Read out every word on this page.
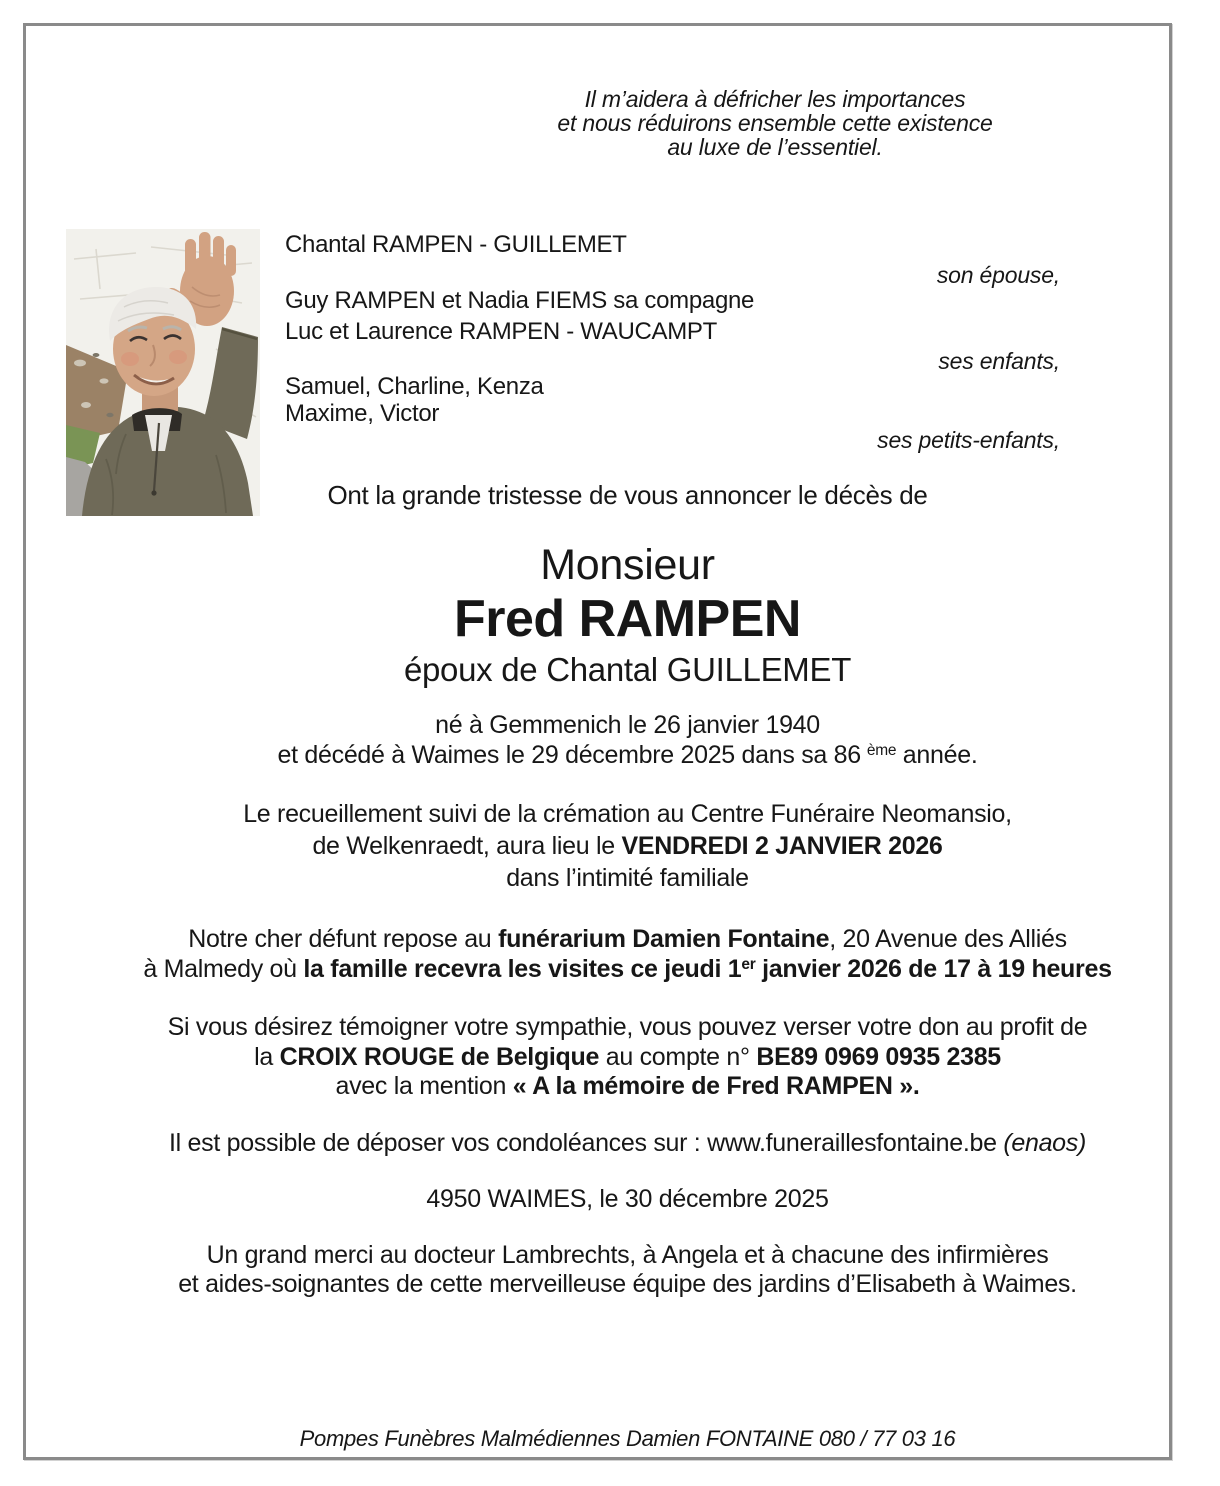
Il m’aidera à défricher les importances
et nous réduirons ensemble cette existence
au luxe de l’essentiel.
Chantal RAMPEN - GUILLEMET
son épouse,
Guy RAMPEN et Nadia FIEMS sa compagne
Luc et Laurence RAMPEN - WAUCAMPT
ses enfants,
Samuel, Charline, Kenza
Maxime, Victor
ses petits-enfants,
Ont la grande tristesse de vous annoncer le décès de
Monsieur
Fred RAMPEN
époux de Chantal GUILLEMET
né à Gemmenich le 26 janvier 1940
et décédé à Waimes le 29 décembre 2025 dans sa 86 $^{ème}$ année.
Le recueillement suivi de la crémation au Centre Funéraire Neomansio,
de Welkenraedt, aura lieu le VENDREDI 2 JANVIER 2026
dans l’intimité familiale
Notre cher défunt repose au funérarium Damien Fontaine, 20 Avenue des Alliés
à Malmedy où la famille recevra les visites ce jeudi 1er janvier 2026 de 17 à 19 heures
Si vous désirez témoigner votre sympathie, vous pouvez verser votre don au profit de
la CROIX ROUGE de Belgique au compte n° BE89 0969 0935 2385
avec la mention « A la mémoire de Fred RAMPEN ».
Il est possible de déposer vos condoléances sur : www.funeraillesfontaine.be (enaos)
4950 WAIMES, le 30 décembre 2025
Un grand merci au docteur Lambrechts, à Angela et à chacune des infirmières
et aides-soignantes de cette merveilleuse équipe des jardins d’Elisabeth à Waimes.
Pompes Funèbres Malmédiennes Damien FONTAINE 080 / 77 03 16
